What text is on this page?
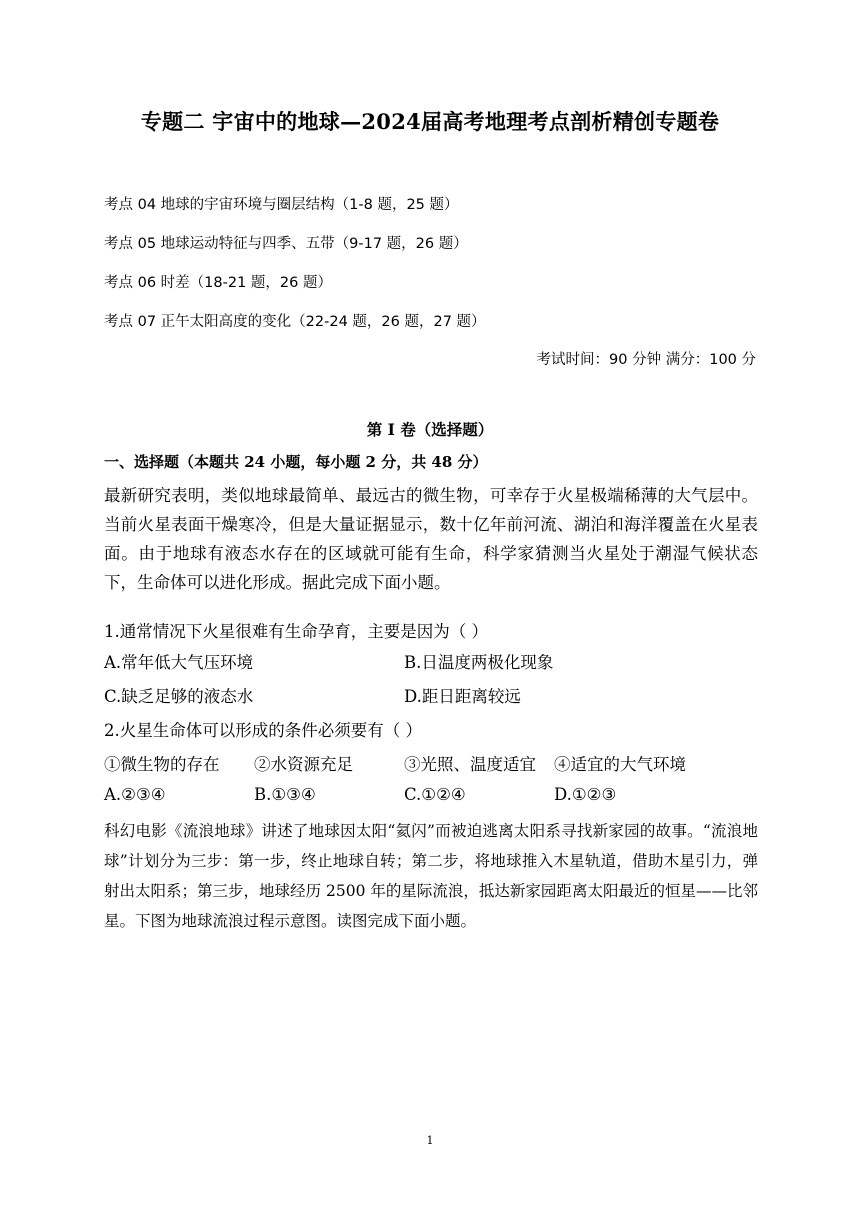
专题二 宇宙中的地球—2024届高考地理考点剖析精创专题卷
考点 04 地球的宇宙环境与圈层结构（1-8 题，25 题）
考点 05 地球运动特征与四季、五带（9-17 题，26 题）
考点 06 时差（18-21 题，26 题）
考点 07 正午太阳高度的变化（22-24 题，26 题，27 题）
考试时间：90 分钟 满分：100 分
第 I 卷（选择题）
一、选择题（本题共 24 小题，每小题 2 分，共 48 分）
最新研究表明，类似地球最简单、最远古的微生物，可幸存于火星极端稀薄的大气层中。当前火星表面干燥寒冷，但是大量证据显示，数十亿年前河流、湖泊和海洋覆盖在火星表面。由于地球有液态水存在的区域就可能有生命，科学家猜测当火星处于潮湿气候状态下，生命体可以进化形成。据此完成下面小题。
1.通常情况下火星很难有生命孕育，主要是因为（ ）
A.常年低大气压环境	B.日温度两极化现象
C.缺乏足够的液态水	D.距日距离较远
2.火星生命体可以形成的条件必须要有（ ）
①微生物的存在 ②水资源充足	③光照、温度适宜 ④适宜的大气环境
A.②③④	B.①③④	C.①②④	D.①②③
科幻电影《流浪地球》讲述了地球因太阳“氦闪”而被迫逃离太阳系寻找新家园的故事。“流浪地球”计划分为三步：第一步，终止地球自转；第二步，将地球推入木星轨道，借助木星引力，弹射出太阳系；第三步，地球经历 2500 年的星际流浪，抵达新家园距离太阳最近的恒星——比邻星。下图为地球流浪过程示意图。读图完成下面小题。
1
